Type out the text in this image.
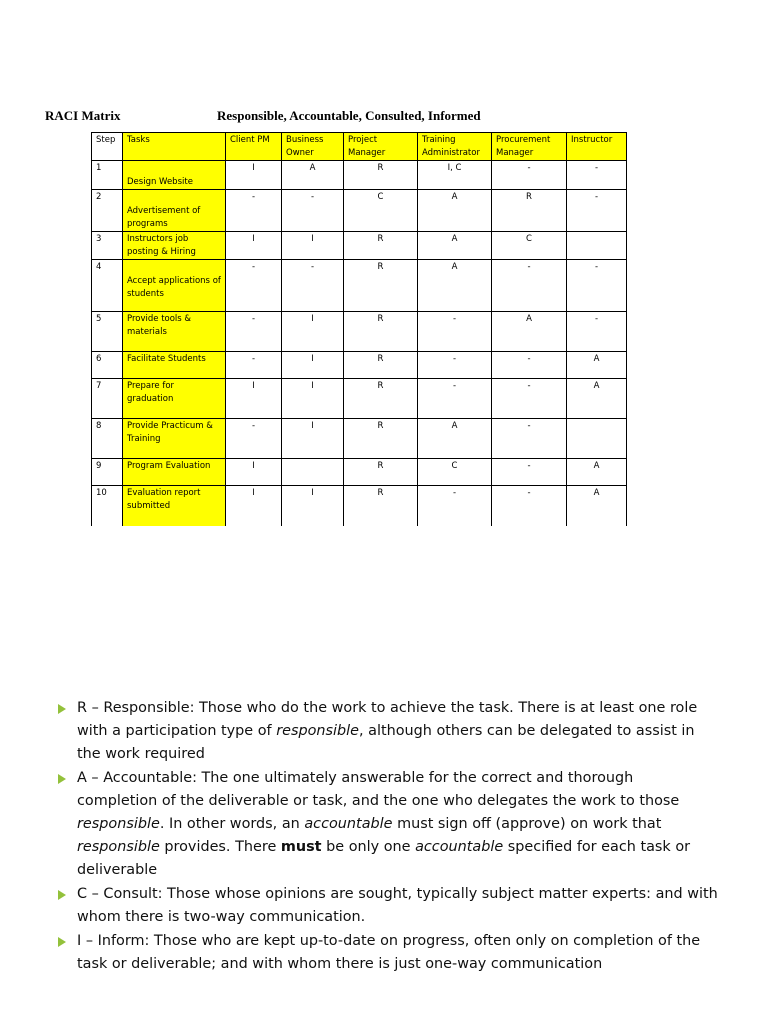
RACI Matrix	Responsible, Accountable, Consulted, Informed
Step	Tasks	Client PM	Business Owner	Project Manager	Training Administrator	Procurement Manager	Instructor
1	Design Website	I	A	R	I, C	-	-
2	Advertisement of programs	-	-	C	A	R	-
3	Instructors job posting & Hiring	I	I	R	A	C	
4	Accept applications of students	-	-	R	A	-	-
5	Provide tools & materials	-	I	R	-	A	-
6	Facilitate Students	-	I	R	-	-	A
7	Prepare for graduation	I	I	R	-	-	A
8	Provide Practicum & Training	-	I	R	A	-	
9	Program Evaluation	I		R	C	-	A
10	Evaluation report submitted	I	I	R	-	-	A
R – Responsible: Those who do the work to achieve the task. There is at least one role with a participation type of responsible, although others can be delegated to assist in the work required
A – Accountable: The one ultimately answerable for the correct and thorough completion of the deliverable or task, and the one who delegates the work to those responsible. In other words, an accountable must sign off (approve) on work that responsible provides. There must be only one accountable specified for each task or deliverable
C – Consult: Those whose opinions are sought, typically subject matter experts: and with whom there is two-way communication.
I – Inform: Those who are kept up-to-date on progress, often only on completion of the task or deliverable; and with whom there is just one-way communication
